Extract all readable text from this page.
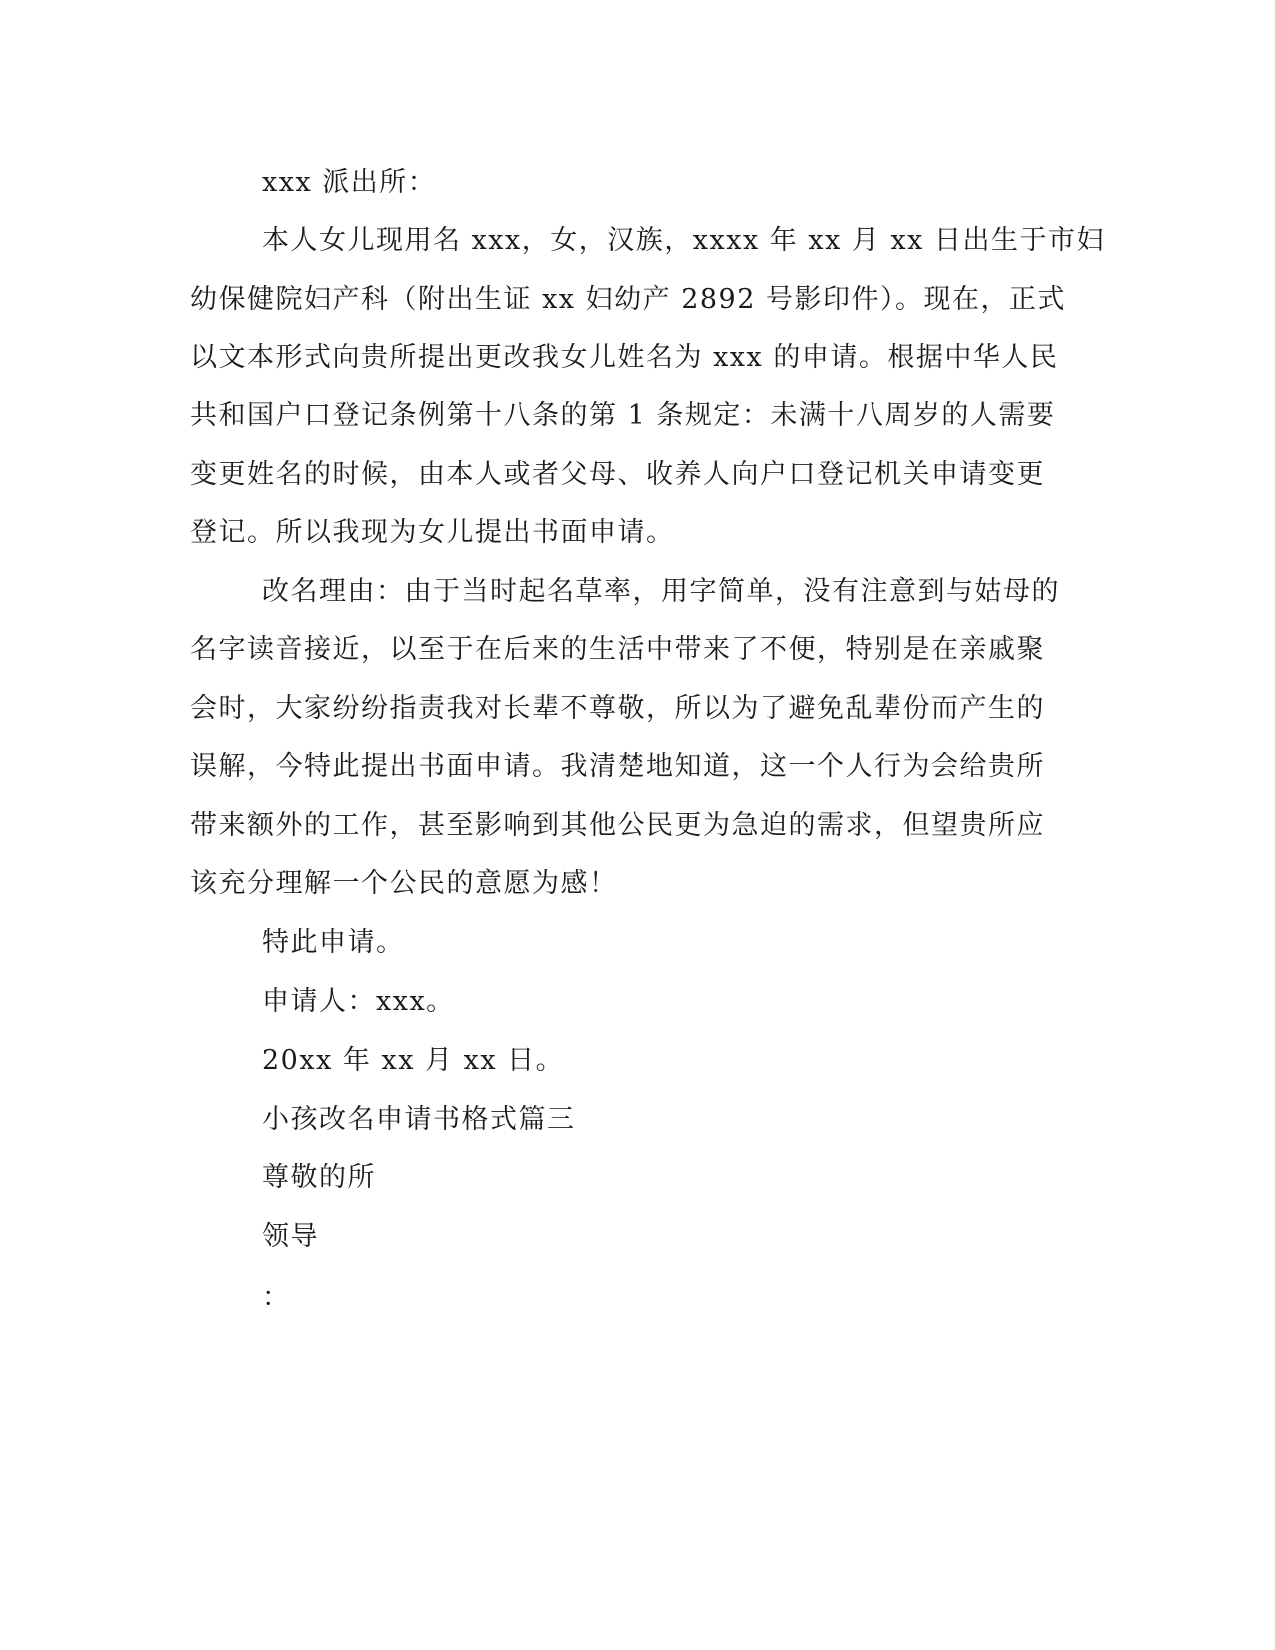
xxx 派出所：
本人女儿现用名 xxx，女，汉族，xxxx 年 xx 月 xx 日出生于市妇
幼保健院妇产科（附出生证 xx 妇幼产 2892 号影印件）。现在，正式
以文本形式向贵所提出更改我女儿姓名为 xxx 的申请。根据中华人民
共和国户口登记条例第十八条的第 1 条规定：未满十八周岁的人需要
变更姓名的时候，由本人或者父母、收养人向户口登记机关申请变更
登记。所以我现为女儿提出书面申请。
改名理由：由于当时起名草率，用字简单，没有注意到与姑母的
名字读音接近，以至于在后来的生活中带来了不便，特别是在亲戚聚
会时，大家纷纷指责我对长辈不尊敬，所以为了避免乱辈份而产生的
误解，今特此提出书面申请。我清楚地知道，这一个人行为会给贵所
带来额外的工作，甚至影响到其他公民更为急迫的需求，但望贵所应
该充分理解一个公民的意愿为感！
特此申请。
申请人：xxx。
20xx 年 xx 月 xx 日。
小孩改名申请书格式篇三
尊敬的所
领导
：
